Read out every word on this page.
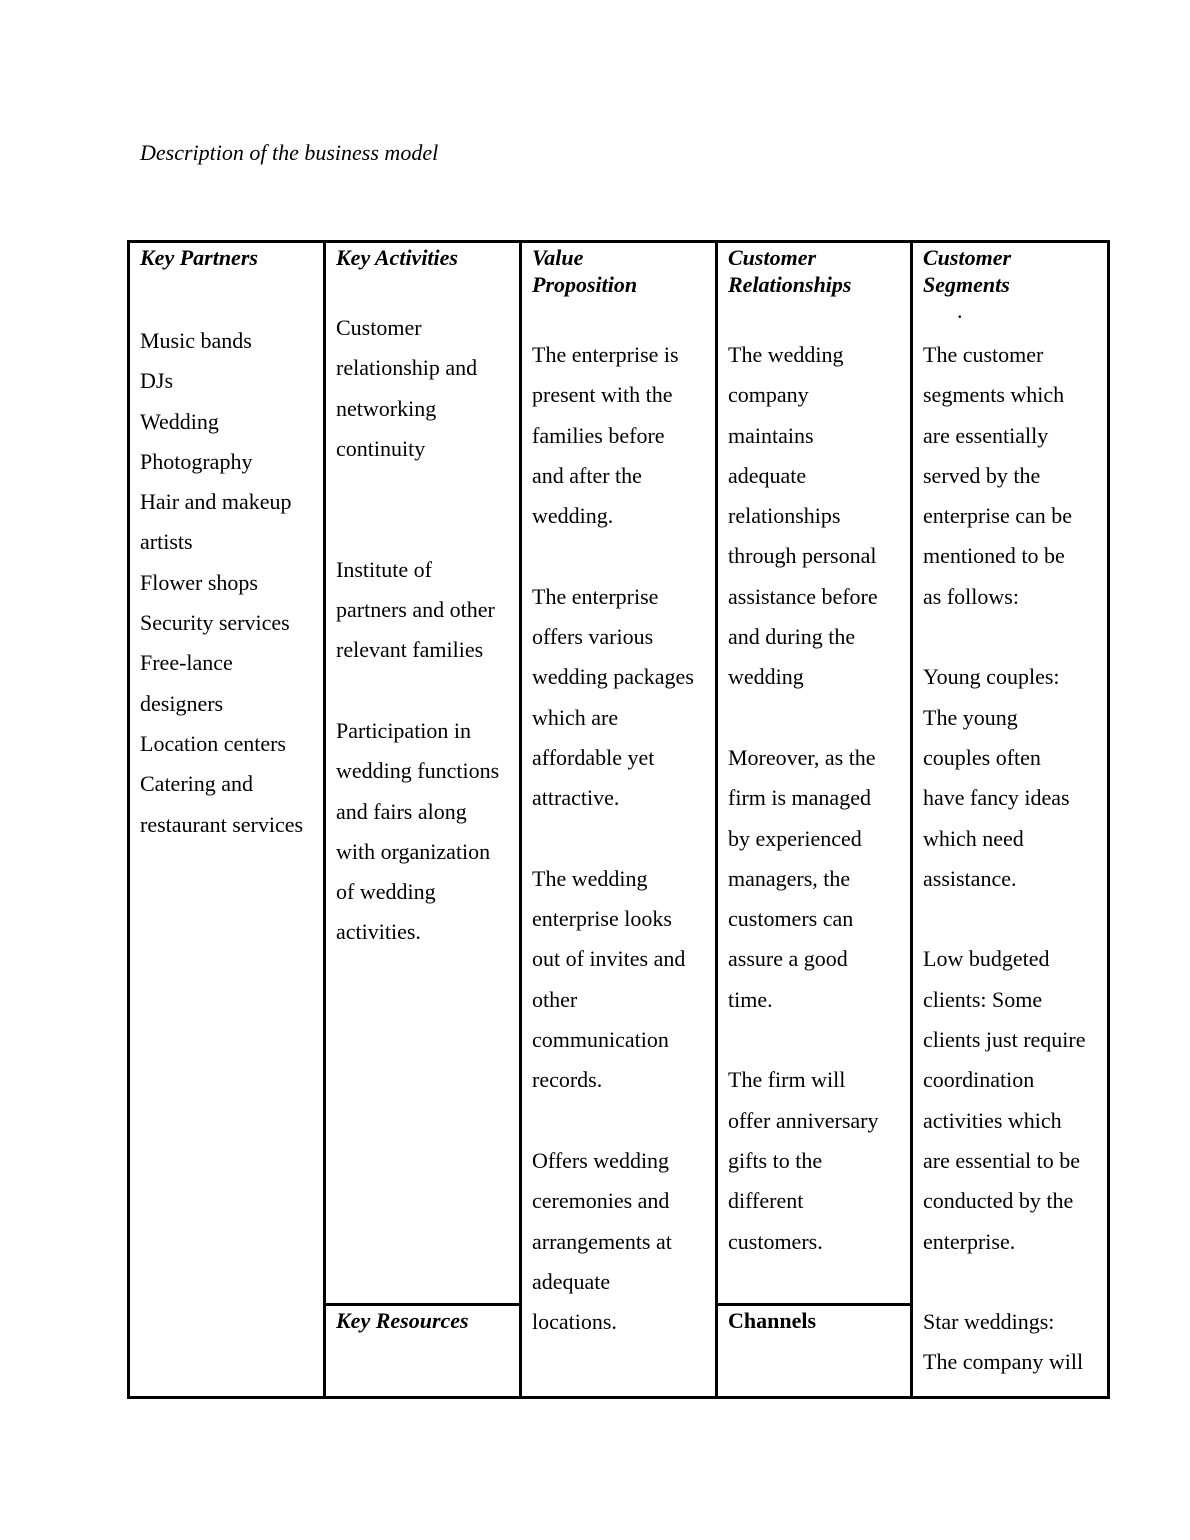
Description of the business model
Key Partners
Music bands
DJs
Wedding
Photography
Hair and makeup
artists
Flower shops
Security services
Free-lance
designers
Location centers
Catering and
restaurant services
Key Activities
Customer
relationship and
networking
continuity

Institute of
partners and other
relevant families

Participation in
wedding functions
and fairs along
with organization
of wedding
activities.
Key Resources
Value
Proposition
The enterprise is
present with the
families before
and after the
wedding.

The enterprise
offers various
wedding packages
which are
affordable yet
attractive.

The wedding
enterprise looks
out of invites and
other
communication
records.

Offers wedding
ceremonies and
arrangements at
adequate
locations.
Customer
Relationships
The wedding
company
maintains
adequate
relationships
through personal
assistance before
and during the
wedding

Moreover, as the
firm is managed
by experienced
managers, the
customers can
assure a good
time.

The firm will
offer anniversary
gifts to the
different
customers.
Channels
Customer
Segments
.
The customer
segments which
are essentially
served by the
enterprise can be
mentioned to be
as follows:

Young couples:
The young
couples often
have fancy ideas
which need
assistance.

Low budgeted
clients: Some
clients just require
coordination
activities which
are essential to be
conducted by the
enterprise.

Star weddings:
The company will
